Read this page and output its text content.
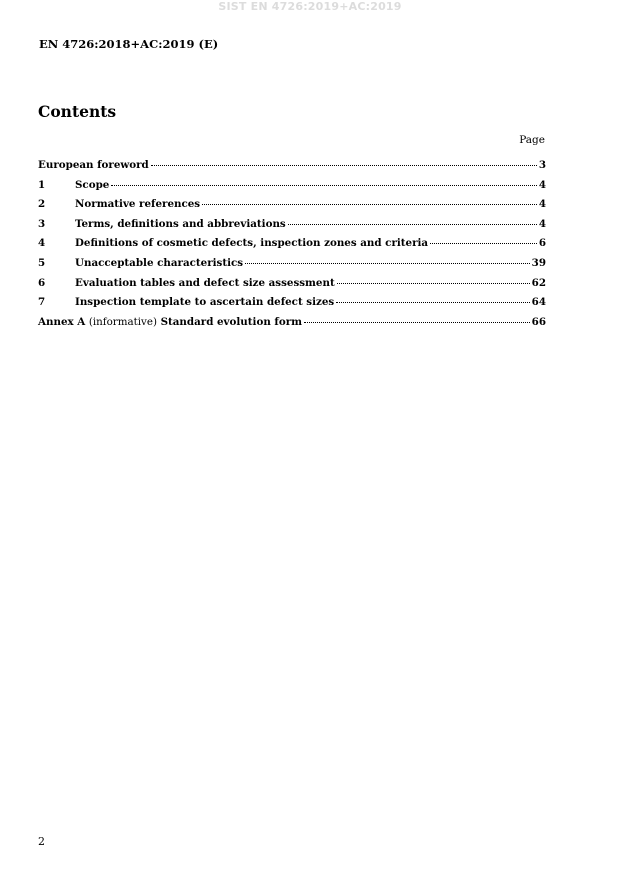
SIST EN 4726:2019+AC:2019
EN 4726:2018+AC:2019 (E)
Contents
Page
European foreword	3
1	Scope	4
2	Normative references	4
3	Terms, definitions and abbreviations	4
4	Definitions of cosmetic defects, inspection zones and criteria	6
5	Unacceptable characteristics	39
6	Evaluation tables and defect size assessment	62
7	Inspection template to ascertain defect sizes	64
Annex A (informative) Standard evolution form	66
2
